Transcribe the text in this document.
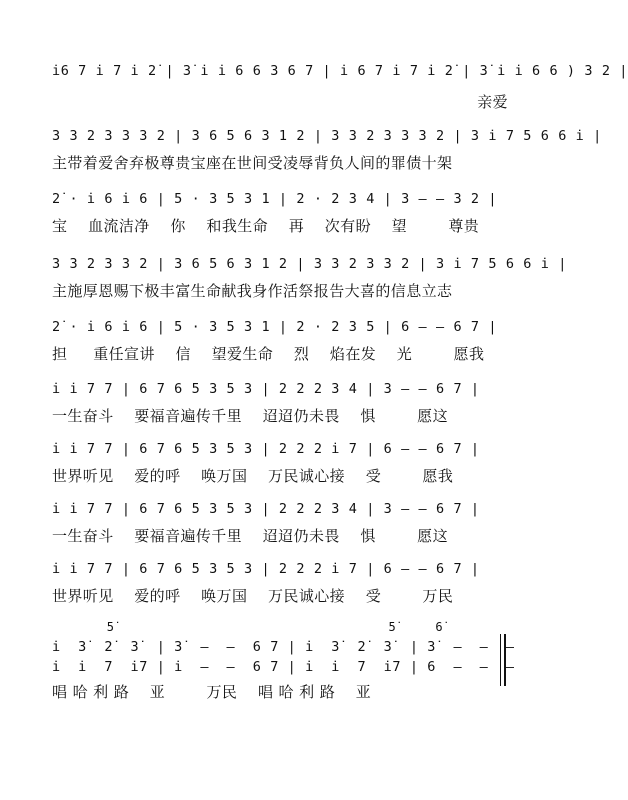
i̇6 7 i̇ 7 i̇ 2̇ | 3̇ i̇ i̇ 6 6 3 6 7 | i̇ 6 7 i̇ 7 i̇ 2̇ | 3̇ i̇ i̇ 6 6 ) 3 2 |
亲爱
3 3 2 3 3 3 2 | 3 6 5 6 3 1 2 | 3 3 2 3 3 3 2 | 3 i̇ 7 5 6 6 i̇ |
主带着爱舍弃极尊贵宝座在世间受凌辱背负人间的罪债十架
2̇ · i̇ 6 i̇ 6 | 5 · 3 5 3 1 | 2 · 2 3 4 | 3 – – 3 2 |
宝    血流洁净    你    和我生命    再    次有盼    望        尊贵
3 3 2 3 3 2 | 3 6 5 6 3 1 2 | 3 3 2 3 3 2 | 3 i̇ 7 5 6 6 i̇ |
主施厚恩赐下极丰富生命献我身作活祭报告大喜的信息立志
2̇ · i̇ 6 i̇ 6 | 5 · 3 5 3 1 | 2 · 2 3 5 | 6 – – 6 7 |
担     重任宣讲    信    望爱生命    烈    焰在发    光        愿我
i̇ i̇ 7 7 | 6 7 6 5 3 5 3 | 2 2 2 3 4 | 3 – – 6 7 |
一生奋斗    要福音遍传千里    迢迢仍未畏    惧        愿这
i̇ i̇ 7 7 | 6 7 6 5 3 5 3 | 2 2 2 i̇ 7 | 6 – – 6 7 |
世界听见    爱的呼    唤万国    万民诚心接    受        愿我
i̇ i̇ 7 7 | 6 7 6 5 3 5 3 | 2 2 2 3 4 | 3 – – 6 7 |
一生奋斗    要福音遍传千里    迢迢仍未畏    惧        愿这
i̇ i̇ 7 7 | 6 7 6 5 3 5 3 | 2 2 2 i̇ 7 | 6 – – 6 7 |
世界听见    爱的呼    唤万国    万民诚心接    受        万民
5̇                                   5̇     6̇
i̇  3̇  2̇  3̇  | 3̇  –  –  6 7 | i̇  3̇  2̇  3̇  | 3̇  –  –  –
i̇  i̇  7  i̇7 | i̇  –  –  6 7 | i̇  i̇  7  i̇7 | 6  –  –  –
唱 哈 利 路    亚        万民    唱 哈 利 路    亚
